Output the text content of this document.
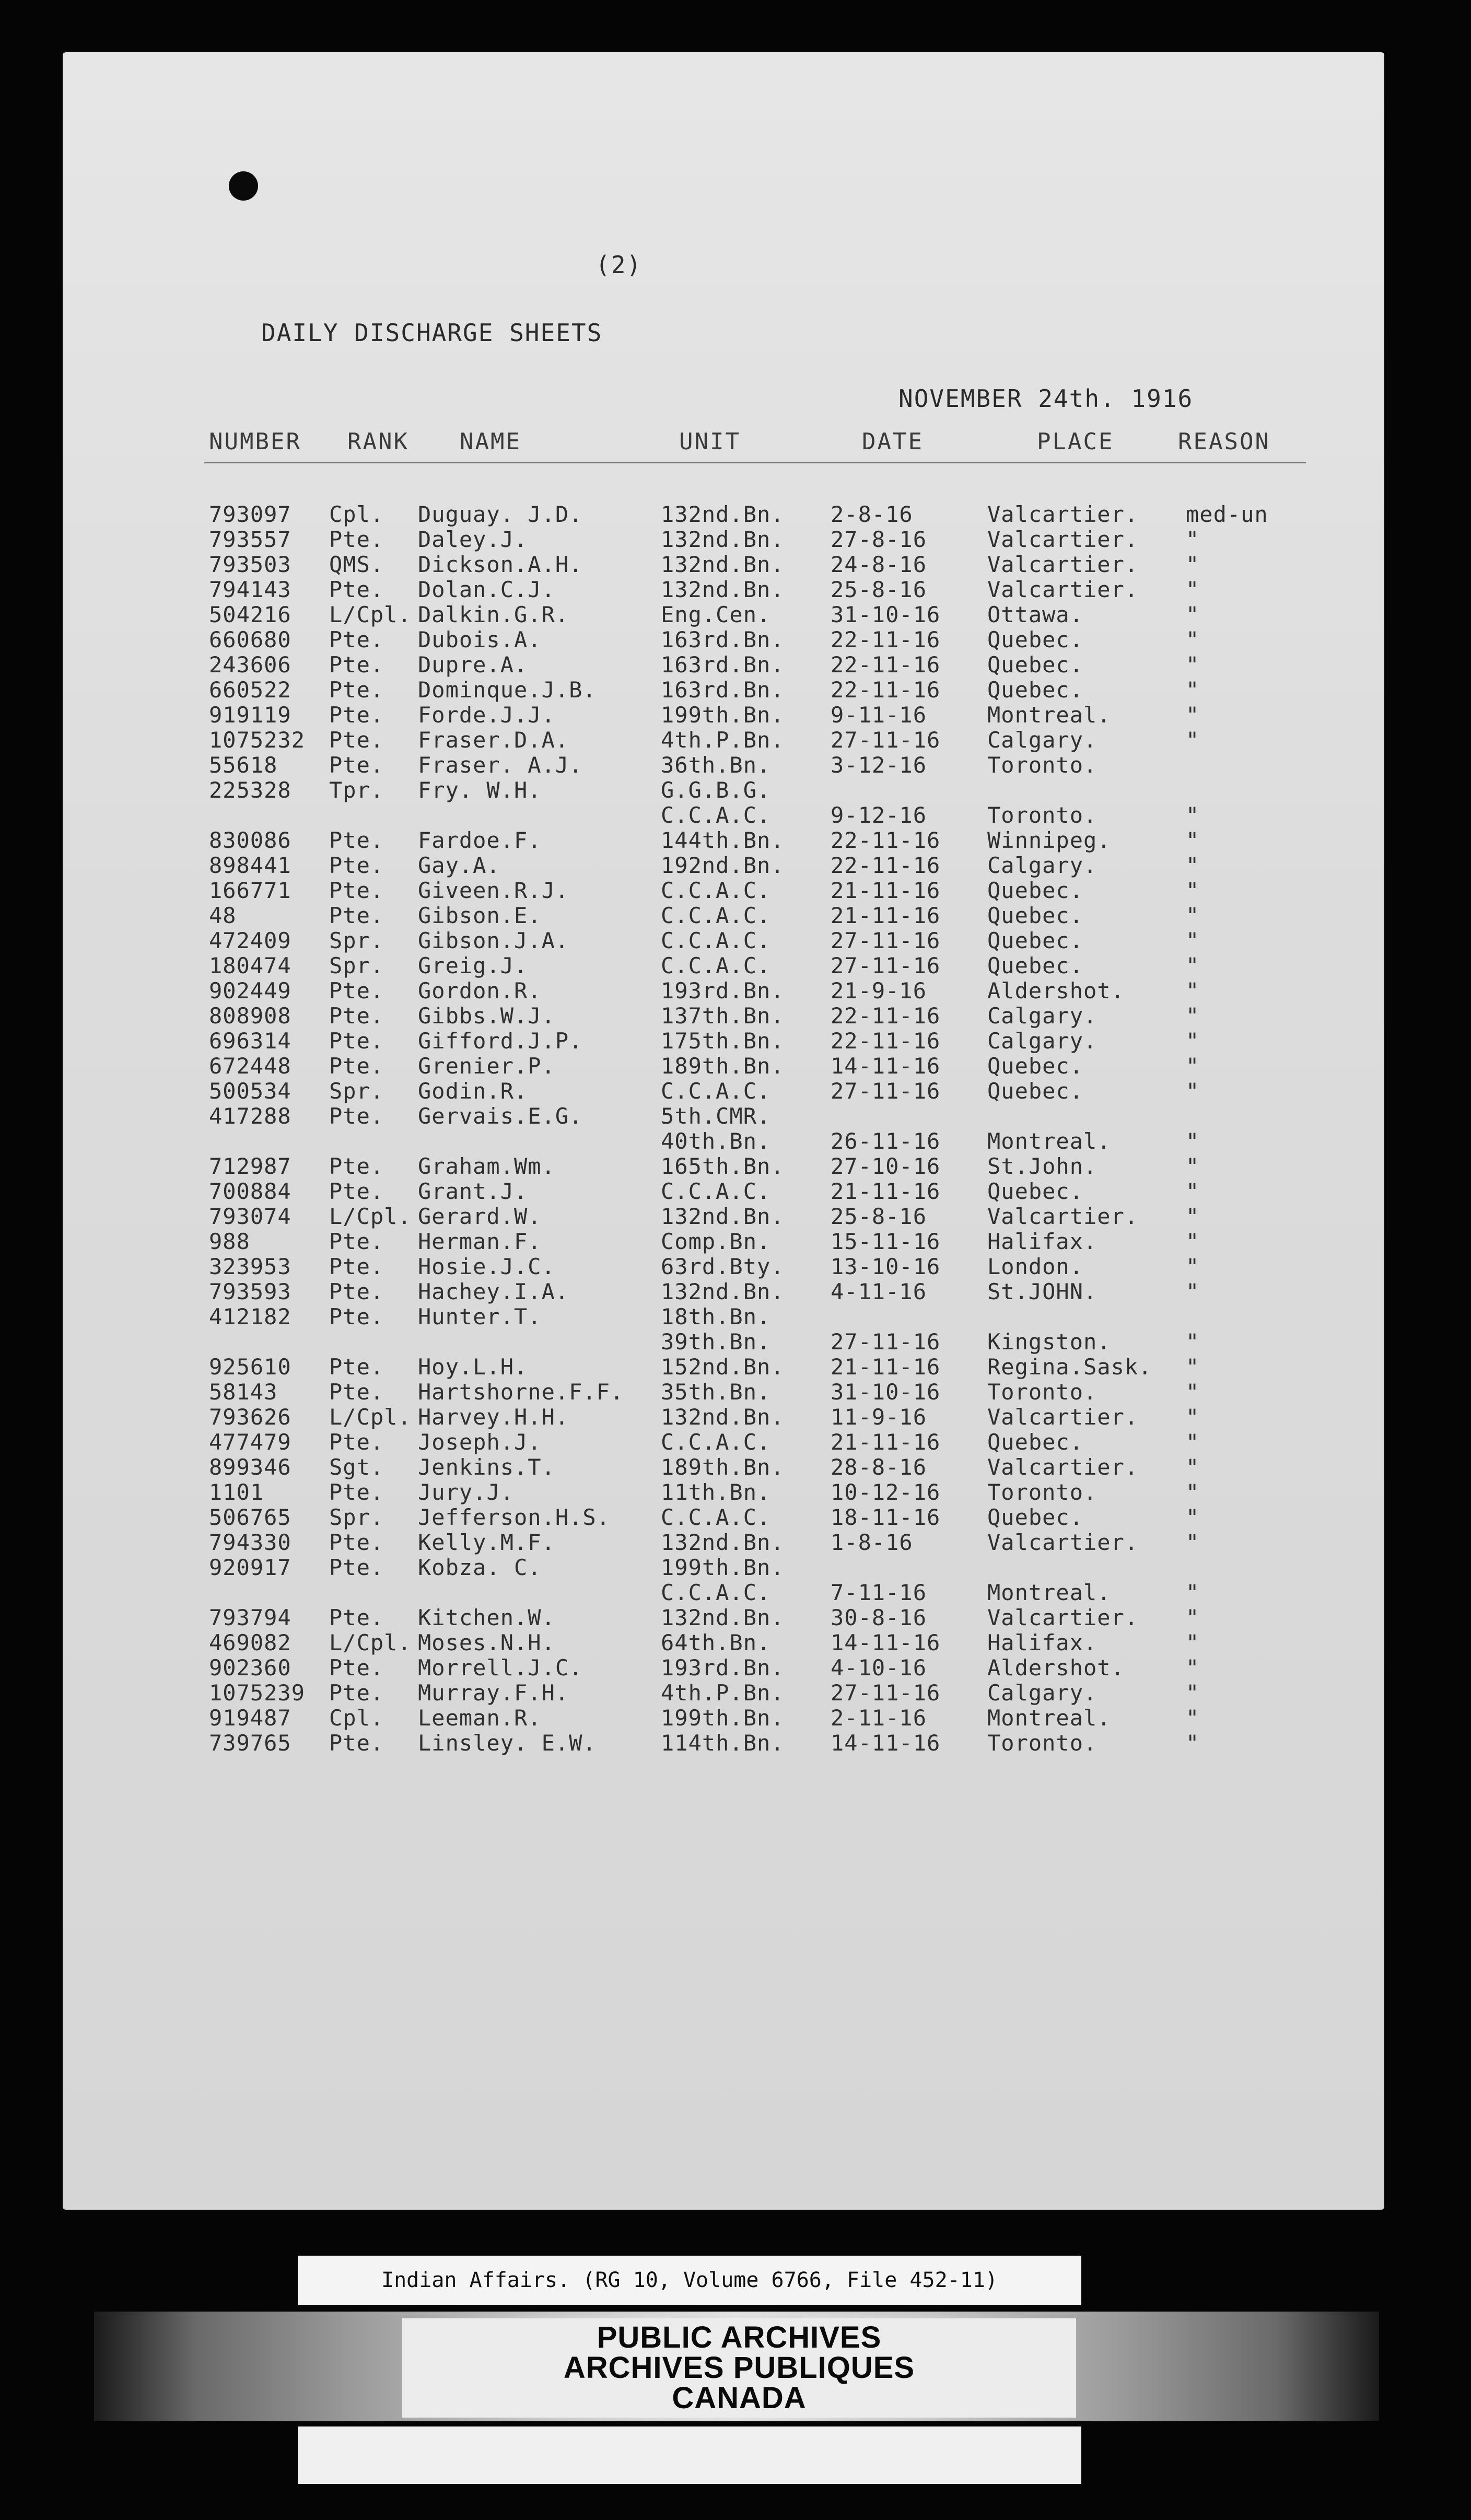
(2)
DAILY DISCHARGE SHEETS
NOVEMBER 24th. 1916
NUMBER RANK NAME	UNIT	DATE	PLACE	REASON
793097 Cpl. Duguay. J.D.	132nd.Bn. 2-8-16	Valcartier. med-un
793557 Pte. Daley.J.	132nd.Bn. 27-8-16	Valcartier. "
793503 QMS. Dickson.A.H.	132nd.Bn. 24-8-16	Valcartier. "
794143 Pte. Dolan.C.J.	132nd.Bn. 25-8-16	Valcartier. "
504216 L/Cpl. Dalkin.G.R.	Eng.Cen.	31-10-16 Ottawa.	"
660680 Pte. Dubois.A.	163rd.Bn. 22-11-16 Quebec.	"
243606 Pte. Dupre.A.	163rd.Bn. 22-11-16 Quebec.	"
660522 Pte. Dominque.J.B.	163rd.Bn. 22-11-16 Quebec.	"
919119 Pte. Forde.J.J.	199th.Bn. 9-11-16	Montreal.	"
1075232 Pte. Fraser.D.A.	4th.P.Bn. 27-11-16 Calgary.	"
55618 Pte. Fraser. A.J.	36th.Bn.	3-12-16	Toronto.
225328 Tpr. Fry. W.H.	G.G.B.G.
C.C.A.C.	9-12-16	Toronto.	"
830086 Pte. Fardoe.F.	144th.Bn. 22-11-16 Winnipeg.	"
898441 Pte. Gay.A.	192nd.Bn. 22-11-16 Calgary.	"
166771 Pte. Giveen.R.J.	C.C.A.C.	21-11-16 Quebec.	"
48	Pte. Gibson.E.	C.C.A.C.	21-11-16 Quebec.	"
472409 Spr. Gibson.J.A.	C.C.A.C.	27-11-16 Quebec.	"
180474 Spr. Greig.J.	C.C.A.C.	27-11-16 Quebec.	"
902449 Pte. Gordon.R.	193rd.Bn. 21-9-16	Aldershot.	"
808908 Pte. Gibbs.W.J.	137th.Bn. 22-11-16 Calgary.	"
696314 Pte. Gifford.J.P.	175th.Bn. 22-11-16 Calgary.	"
672448 Pte. Grenier.P.	189th.Bn. 14-11-16 Quebec.	"
500534 Spr. Godin.R.	C.C.A.C.	27-11-16 Quebec.	"
417288 Pte. Gervais.E.G.	5th.CMR.
40th.Bn.	26-11-16 Montreal.	"
712987 Pte. Graham.Wm.	165th.Bn. 27-10-16 St.John.	"
700884 Pte. Grant.J.	C.C.A.C.	21-11-16 Quebec.	"
793074 L/Cpl. Gerard.W.	132nd.Bn. 25-8-16	Valcartier. "
988	Pte. Herman.F.	Comp.Bn.	15-11-16 Halifax.	"
323953 Pte. Hosie.J.C.	63rd.Bty. 13-10-16 London.	"
793593 Pte. Hachey.I.A.	132nd.Bn. 4-11-16	St.JOHN.	"
412182 Pte. Hunter.T.	18th.Bn.
39th.Bn.	27-11-16 Kingston.	"
925610 Pte. Hoy.L.H.	152nd.Bn. 21-11-16 Regina.Sask. "
58143 Pte. Hartshorne.F.F. 35th.Bn.	31-10-16 Toronto.	"
793626 L/Cpl. Harvey.H.H.	132nd.Bn. 11-9-16	Valcartier. "
477479 Pte. Joseph.J.	C.C.A.C.	21-11-16 Quebec.	"
899346 Sgt. Jenkins.T.	189th.Bn. 28-8-16	Valcartier. "
1101	Pte. Jury.J.	11th.Bn.	10-12-16 Toronto.	"
506765 Spr. Jefferson.H.S. C.C.A.C.	18-11-16 Quebec.	"
794330 Pte. Kelly.M.F.	132nd.Bn. 1-8-16	Valcartier. "
920917 Pte. Kobza. C.	199th.Bn.
C.C.A.C.	7-11-16	Montreal.	"
793794 Pte. Kitchen.W.	132nd.Bn. 30-8-16	Valcartier. "
469082 L/Cpl. Moses.N.H.	64th.Bn.	14-11-16 Halifax.	"
902360 Pte. Morrell.J.C.	193rd.Bn. 4-10-16	Aldershot.	"
1075239 Pte. Murray.F.H.	4th.P.Bn. 27-11-16 Calgary.	"
919487 Cpl. Leeman.R.	199th.Bn. 2-11-16	Montreal.	"
739765 Pte. Linsley. E.W.	114th.Bn. 14-11-16 Toronto.	"
Indian Affairs. (RG 10, Volume 6766, File 452-11)
PUBLIC ARCHIVES
ARCHIVES PUBLIQUES
CANADA
